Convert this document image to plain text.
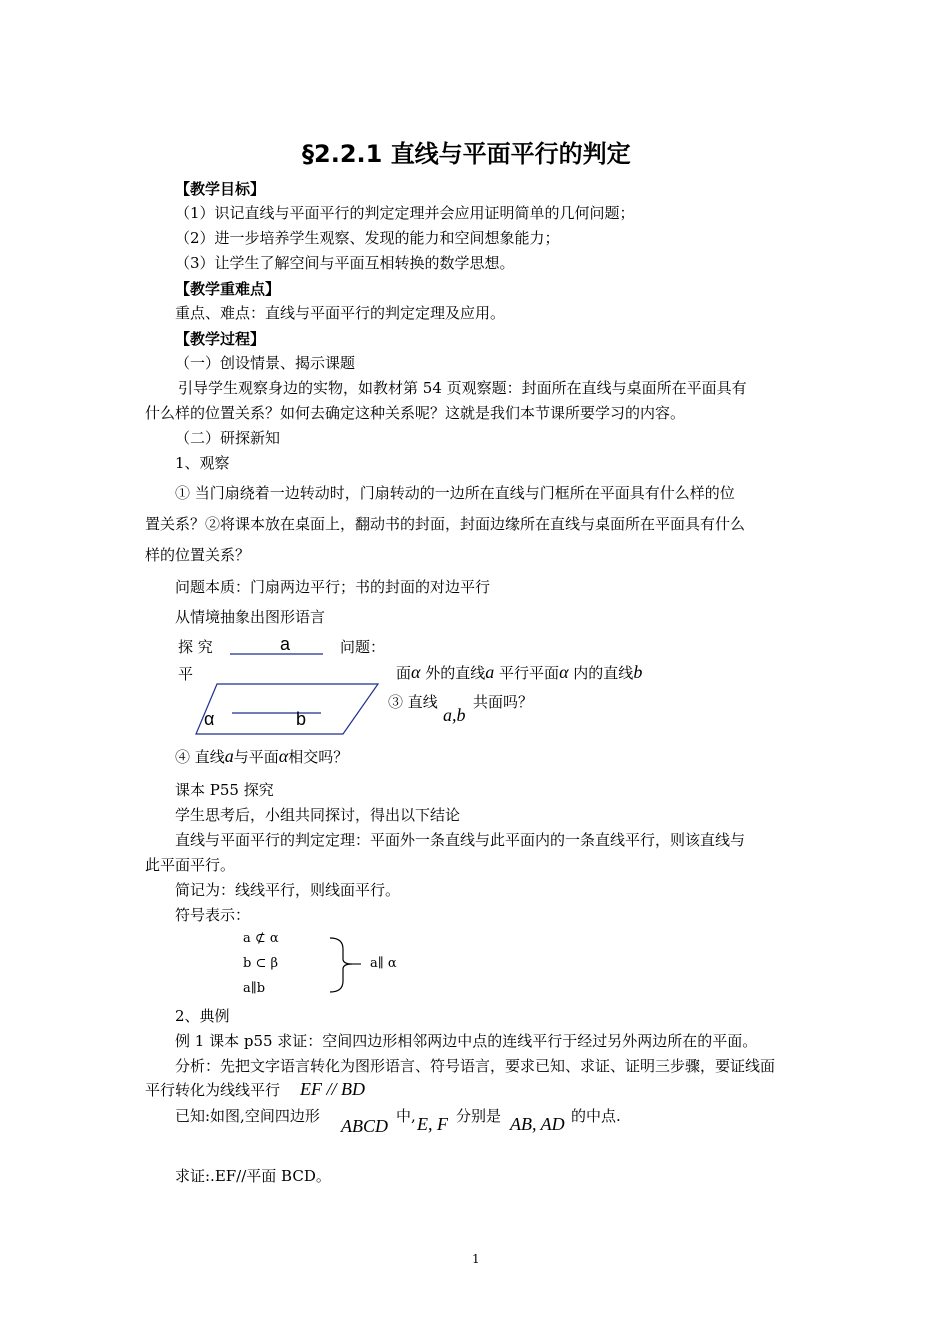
§2.2.1 直线与平面平行的判定
【教学目标】
（1）识记直线与平面平行的判定定理并会应用证明简单的几何问题；
（2）进一步培养学生观察、发现的能力和空间想象能力；
（3）让学生了解空间与平面互相转换的数学思想。
【教学重难点】
重点、难点：直线与平面平行的判定定理及应用。
【教学过程】
（一）创设情景、揭示课题
引导学生观察身边的实物，如教材第 54 页观察题：封面所在直线与桌面所在平面具有
什么样的位置关系？如何去确定这种关系呢？这就是我们本节课所要学习的内容。
（二）研探新知
1、观察
① 当门扇绕着一边转动时，门扇转动的一边所在直线与门框所在平面具有什么样的位
置关系？②将课本放在桌面上，翻动书的封面，封面边缘所在直线与桌面所在平面具有什么
样的位置关系？
问题本质：门扇两边平行；书的封面的对边平行
从情境抽象出图形语言
探 究	问题：
平
a
α	b
面α 外的直线a 平行平面α 内的直线b
③ 直线
a,b
共面吗？
④ 直线a与平面α相交吗？
课本 P55 探究
学生思考后，小组共同探讨，得出以下结论
直线与平面平行的判定定理：平面外一条直线与此平面内的一条直线平行，则该直线与
此平面平行。
简记为：线线平行，则线面平行。
符号表示：
a ⊄ α
b ⊂ β
a∥b
a∥ α
2、典例
例 1 课本 p55 求证：空间四边形相邻两边中点的连线平行于经过另外两边所在的平面。
分析：先把文字语言转化为图形语言、符号语言，要求已知、求证、证明三步骤，要证线面
平行转化为线线平行 EF // BD
已知:如图,空间四边形 ABCD 中, E, F 分别是 AB, AD 的中点.
求证:.EF//平面 BCD。
1
